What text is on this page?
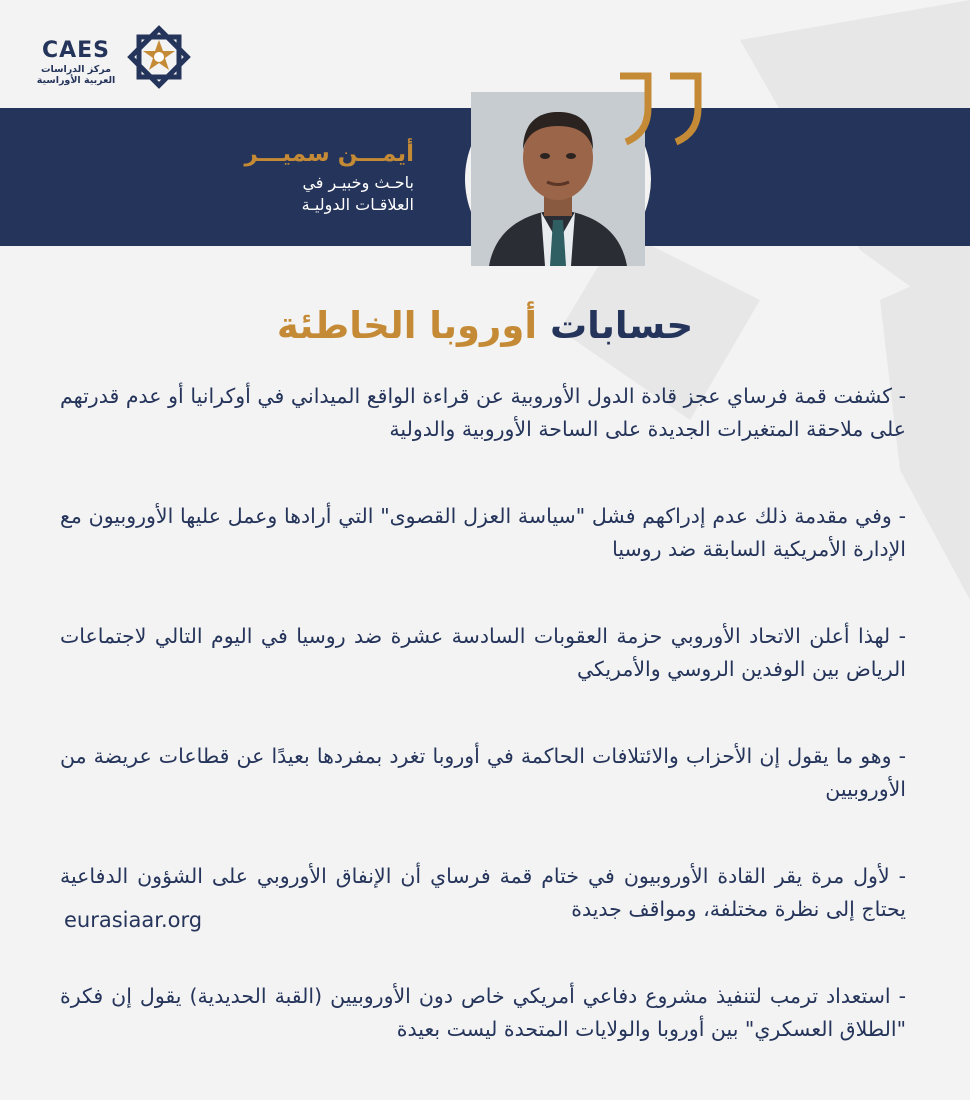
CAES
مركز الدراسات
العربية الأوراسية
أيمـــن سميـــر
باحـث وخبيـر في
العلاقـات الدوليـة
حسابات أوروبا الخاطئة

- كشفت قمة فرساي عجز قادة الدول الأوروبية عن قراءة الواقع الميداني في أوكرانيا أو عدم قدرتهم على ملاحقة المتغيرات الجديدة على الساحة الأوروبية والدولية

- وفي مقدمة ذلك عدم إدراكهم فشل "سياسة العزل القصوى" التي أرادها وعمل عليها الأوروبيون مع الإدارة الأمريكية السابقة ضد روسيا

- لهذا أعلن الاتحاد الأوروبي حزمة العقوبات السادسة عشرة ضد روسيا في اليوم التالي لاجتماعات الرياض بين الوفدين الروسي والأمريكي

- وهو ما يقول إن الأحزاب والائتلافات الحاكمة في أوروبا تغرد بمفردها بعيدًا عن قطاعات عريضة من الأوروبيين

- لأول مرة يقر القادة الأوروبيون في ختام قمة فرساي أن الإنفاق الأوروبي على الشؤون الدفاعية يحتاج إلى نظرة مختلفة، ومواقف جديدة

- استعداد ترمب لتنفيذ مشروع دفاعي أمريكي خاص دون الأوروبيين (القبة الحديدية) يقول إن فكرة "الطلاق العسكري" بين أوروبا والولايات المتحدة ليست بعيدة

eurasiaar.org
